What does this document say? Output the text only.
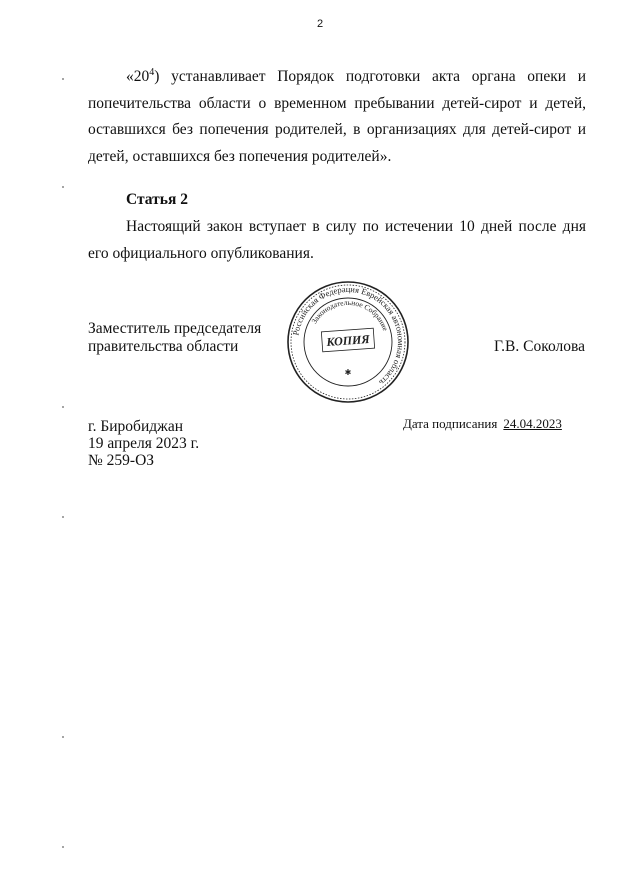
2
«$20^4$) устанавливает Порядок подготовки акта органа опеки и попечительства области о временном пребывании детей-сирот и детей, оставшихся без попечения родителей, в организациях для детей-сирот и детей, оставшихся без попечения родителей».
Статья 2
Настоящий закон вступает в силу по истечении 10 дней после дня его официального опубликования.
Заместитель председателя
правительства области
Российская Федерация Еврейская автономная область
Законодательное Собрание
КОПИЯ
✱
Г.В. Соколова
г. Биробиджан
19 апреля 2023 г.
№ 259-ОЗ
Дата подписания 24.04.2023
